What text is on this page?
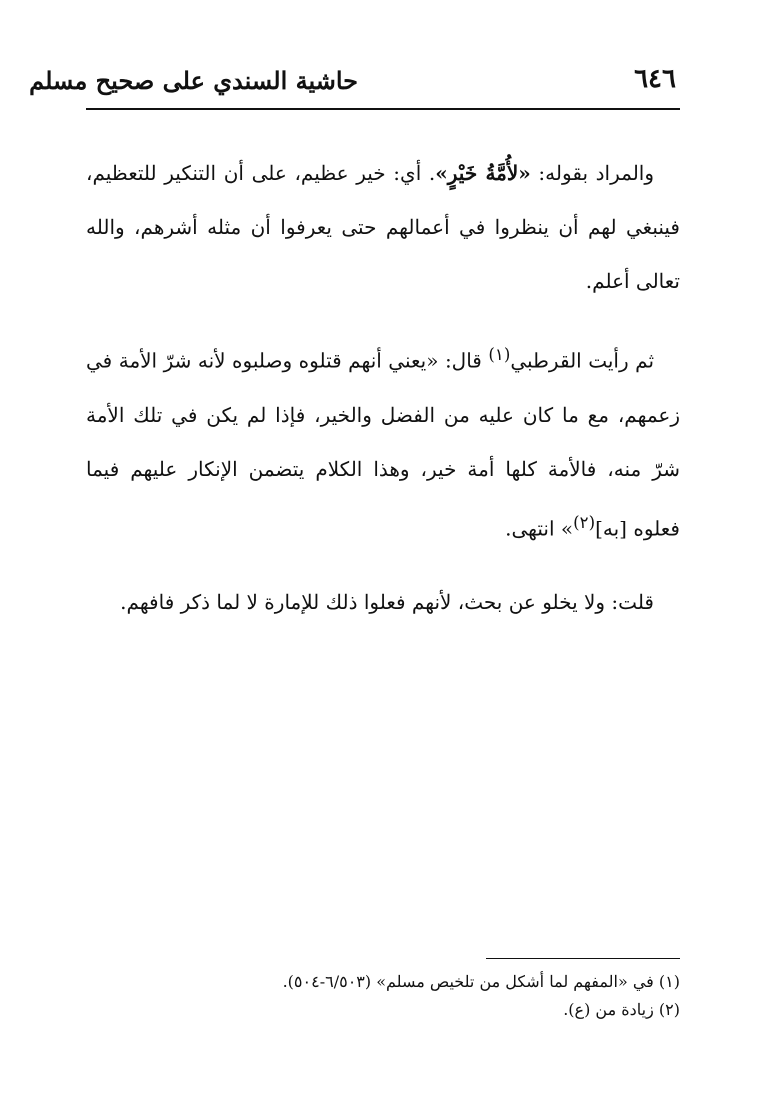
حاشية السندي على صحيح مسلم	٦٤٦

والمراد بقوله: «لأُمَّةُ خَيْرٍ». أي: خير عظيم، على أن التنكير للتعظيم، فينبغي لهم أن ينظروا في أعمالهم حتى يعرفوا أن مثله أشرهم، والله تعالى أعلم.

ثم رأيت القرطبي$^{(١)}$ قال: «يعني أنهم قتلوه وصلبوه لأنه شرّ الأمة في زعمهم، مع ما كان عليه من الفضل والخير، فإذا لم يكن في تلك الأمة شرّ منه، فالأمة كلها أمة خير، وهذا الكلام يتضمن الإنكار عليهم فيما فعلوه [به]$^{(٢)}$» انتهى.

قلت: ولا يخلو عن بحث، لأنهم فعلوا ذلك للإمارة لا لما ذكر فافهم.

(١) في «المفهم لما أشكل من تلخيص مسلم» (٦/٥٠٣-٥٠٤).

(٢) زيادة من (ع).
